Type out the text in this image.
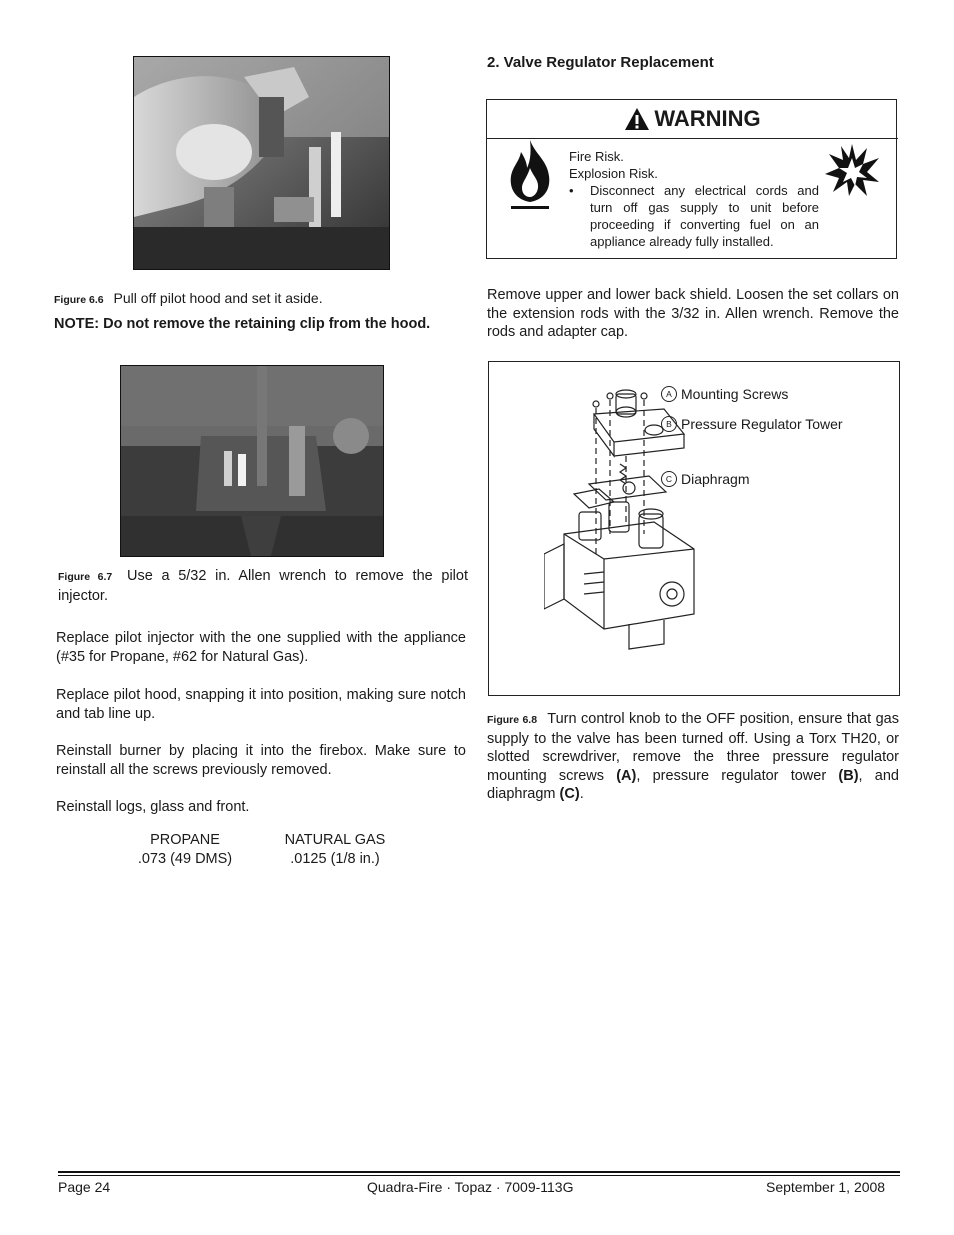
Figure 6.6 Pull off pilot hood and set it aside.
NOTE: Do not remove the retaining clip from the hood.
Figure 6.7 Use a 5/32 in. Allen wrench to remove the pilot injector.
Replace pilot injector with the one supplied with the appliance (#35 for Propane, #62 for Natural Gas).
Replace pilot hood, snapping it into position, making sure notch and tab line up.
Reinstall burner by placing it into the firebox. Make sure to reinstall all the screws previously removed.
Reinstall logs, glass and front.
PROPANE	NATURAL GAS
.073 (49 DMS)	.0125 (1/8 in.)
2. Valve Regulator Replacement
WARNING
Fire Risk.
Explosion Risk.
•	Disconnect any electrical cords and turn off gas supply to unit before proceeding if converting fuel on an appliance already fully installed.
Remove upper and lower back shield. Loosen the set collars on the extension rods with the 3/32 in. Allen wrench. Remove the rods and adapter cap.
A Mounting Screws
B Pressure Regulator Tower
C Diaphragm
Figure 6.8 Turn control knob to the OFF position, ensure that gas supply to the valve has been turned off. Using a Torx TH20, or slotted screwdriver, remove the three pressure regulator mounting screws (A), pressure regulator tower (B), and diaphragm (C).
Page 24	Quadra-Fire · Topaz · 7009-113G	September 1, 2008
